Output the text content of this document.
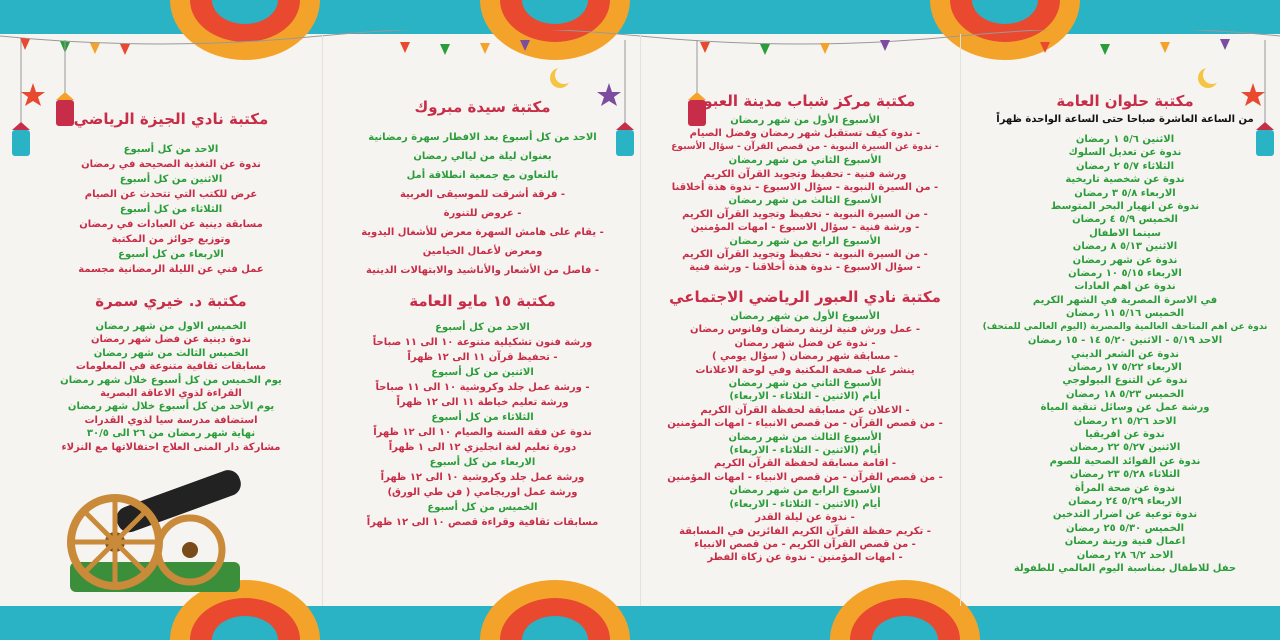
مكتبة حلوان العامة
من الساعة العاشرة صباحا حتى الساعة الواحدة ظهراً
الاثنين ٥/٦ ١ رمضان
ندوة عن تعديل السلوك
الثلاثاء ٥/٧ ٢ رمضان
ندوة عن شخصية تاريخية
الاربعاء ٥/٨ ٣ رمضان
ندوة عن انهيار البحر المتوسط
الخميس ٥/٩ ٤ رمضان
سينما الاطفال
الاثنين ٥/١٣ ٨ رمضان
ندوة عن شهر رمضان
الاربعاء ٥/١٥ ١٠ رمضان
ندوة عن اهم العادات
في الاسرة المصرية في الشهر الكريم
الخميس ٥/١٦ ١١ رمضان
ندوة عن اهم المتاحف العالمية والمصرية (اليوم العالمي للمتحف)
الاحد ٥/١٩ - الاثنين ٥/٢٠ ١٤ - ١٥ رمضان
ندوة عن الشعر الديني
الاربعاء ٥/٢٢ ١٧ رمضان
ندوة عن التنوع البيولوجي
الخميس ٥/٢٣ ١٨ رمضان
ورشة عمل عن وسائل تنقية المياة
الاحد ٥/٢٦ ٢١ رمضان
ندوة عن افريقيا
الاثنين ٥/٢٧ ٢٢ رمضان
ندوة عن الفوائد الصحية للصوم
الثلاثاء ٥/٢٨ ٢٣ رمضان
ندوة عن صحة المرأة
الاربعاء ٥/٢٩ ٢٤ رمضان
ندوة توعية عن اضرار التدخين
الخميس ٥/٣٠ ٢٥ رمضان
اعمال فنية وزينة رمضان
الاحد ٦/٢ ٢٨ رمضان
حفل للاطفال بمناسبة اليوم العالمي للطفولة
مكتبة مركز شباب مدينة العبور
الأسبوع الأول من شهر رمضان
- ندوة كيف تستقبل شهر رمضان وفضل الصيام
- ندوة عن السيرة النبوية - من قصص القرآن - سؤال الأسبوع
الأسبوع الثاني من شهر رمضان
ورشة فنية - تحفيظ وتجويد القرآن الكريم
- من السيرة النبوية - سؤال الاسبوع - ندوة هذة أخلاقنا
الأسبوع الثالث من شهر رمضان
- من السيرة النبوية - تحفيظ وتجويد القرآن الكريم
- ورشة فنية - سؤال الاسبوع - امهات المؤمنين
الأسبوع الرابع من شهر رمضان
- من السيرة النبوية - تحفيظ وتجويد القرآن الكريم
- سؤال الاسبوع - ندوة هذة أخلاقنا - ورشة فنية
مكتبة نادي العبور الرياضي الاجتماعي
الأسبوع الأول من شهر رمضان
- عمل ورش فنية لزينة رمضان وفانوس رمضان
- ندوة عن فضل شهر رمضان
- مسابقة شهر رمضان ( سؤال يومي )
ينشر على صفحة المكتبة وفي لوحة الاعلانات
الأسبوع الثاني من شهر رمضان
أيام (الاثنين - الثلاثاء - الاربعاء)
- الاعلان عن مسابقة لحفظة القرآن الكريم
- من قصص القرآن - من قصص الانبياء - امهات المؤمنين
الأسبوع الثالث من شهر رمضان
أيام (الاثنين - الثلاثاء - الاربعاء)
- اقامة مسابقة لحفظة القرآن الكريم
- من قصص القرآن - من قصص الانبياء - امهات المؤمنين
الأسبوع الرابع من شهر رمضان
أيام (الاثنين - الثلاثاء - الاربعاء)
- ندوة عن ليلة القدر
- تكريم حفظة القرآن الكريم الفائزين في المسابقة
- من قصص القرآن الكريم - من قصص الانبياء
- امهات المؤمنين - ندوة عن زكاة الفطر
مكتبة سيدة مبروك
الاحد من كل أسبوع بعد الافطار سهرة رمضانية
بعنوان ليلة من ليالي رمضان
بالتعاون مع جمعية انطلاقة أمل
- فرقة أشرقت للموسيقى العربية
- عروض للتنورة
- يقام على هامش السهرة معرض للأشغال اليدوية
ومعرض لأعمال الخيامين
- فاصل من الأشعار والأناشيد والابتهالات الدينية
مكتبة ١٥ مايو العامة
الاحد من كل أسبوع
ورشة فنون تشكيلية متنوعة ١٠ الى ١١ صباحاً
- تحفيظ قرآن ١١ الى ١٢ ظهراً
الاثنين من كل أسبوع
- ورشة عمل جلد وكروشية ١٠ الى ١١ صباحاً
ورشة تعليم خياطة ١١ الى ١٢ ظهراً
الثلاثاء من كل أسبوع
ندوة عن فقة السنة والصيام ١٠ الى ١٢ ظهراً
دورة تعليم لغة انجليزي ١٢ الى ١ ظهراً
الاربعاء من كل أسبوع
ورشة عمل جلد وكروشية ١٠ الى ١٢ ظهراً
ورشة عمل اوريجامي ( فن طي الورق)
الخميس من كل أسبوع
مسابقات ثقافية وقراءة قصص ١٠ الى ١٢ ظهراً
مكتبة نادي الجيزة الرياضي
الاحد من كل أسبوع
ندوة عن التغذية الصحيحة في رمضان
الاثنين من كل أسبوع
عرض للكتب التي تتحدث عن الصيام
الثلاثاء من كل أسبوع
مسابقة دينية عن العبادات في رمضان
وتوزيع جوائز من المكتبة
الاربعاء من كل أسبوع
عمل فني عن الليلة الرمضانية مجسمة
مكتبة د. خيري سمرة
الخميس الاول من شهر رمضان
ندوة دينية عن فضل شهر رمضان
الخميس الثالث من شهر رمضان
مسابقات ثقافية متنوعة في المعلومات
يوم الخميس من كل أسبوع خلال شهر رمضان
القراءة لذوي الاعاقة البصرية
يوم الأحد من كل أسبوع خلال شهر رمضان
استضافة مدرسة سيا لذوي القدرات
نهاية شهر رمضان من ٢٦ الى ٣٠/٥
مشاركة دار المنى العلاج احتفالاتها مع النزلاء
